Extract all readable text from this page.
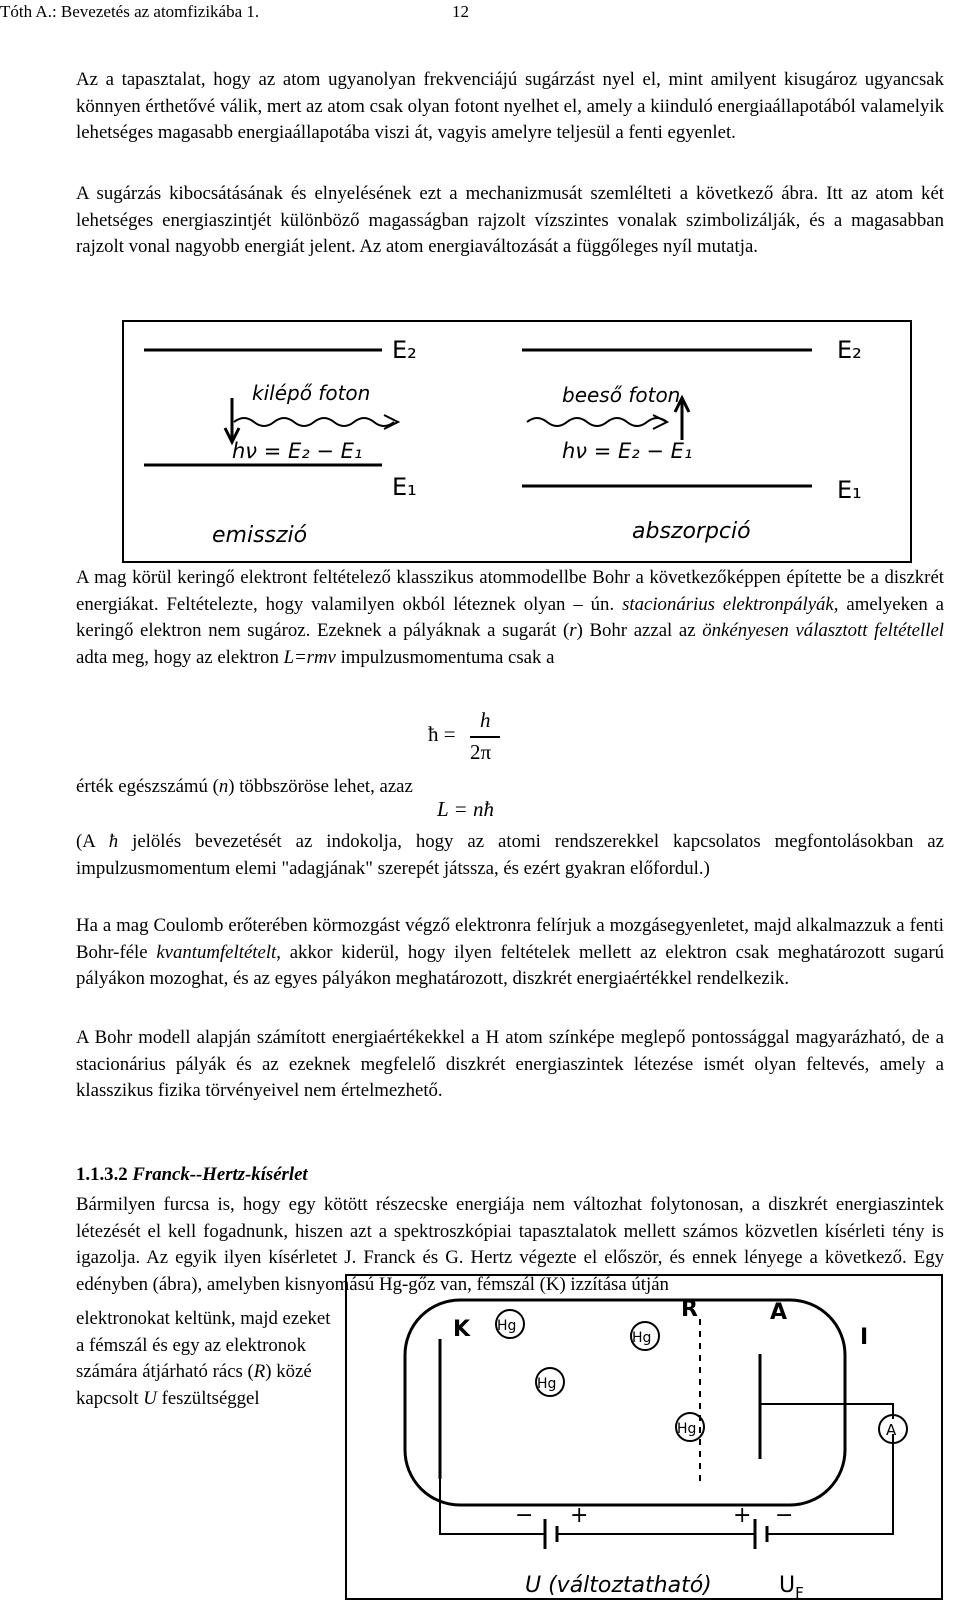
Tóth A.: Bevezetés az atomfizikába 1.	12

Az a tapasztalat, hogy az atom ugyanolyan frekvenciájú sugárzást nyel el, mint amilyent kisugároz ugyancsak könnyen érthetővé válik, mert az atom csak olyan fotont nyelhet el, amely a kiinduló energiaállapotából valamelyik lehetséges magasabb energiaállapotába viszi át, vagyis amelyre teljesül a fenti egyenlet.

A sugárzás kibocsátásának és elnyelésének ezt a mechanizmusát szemlélteti a következő ábra. Itt az atom két lehetséges energiaszintjét különböző magasságban rajzolt vízszintes vonalak szimbolizálják, és a magasabban rajzolt vonal nagyobb energiát jelent. Az atom energiaváltozását a függőleges nyíl mutatja.

E₂
kilépő foton
hν = E₂ − E₁
E₁
emisszió
E₂
beeső foton
hν = E₂ − E₁
E₁
abszorpció

A mag körül keringő elektront feltételező klasszikus atommodellbe Bohr a következőképpen építette be a diszkrét energiákat. Feltételezte, hogy valamilyen okból léteznek olyan – ún. stacionárius elektronpályák, amelyeken a keringő elektron nem sugároz. Ezeknek a pályáknak a sugarát (r) Bohr azzal az önkényesen választott feltétellel adta meg, hogy az elektron L=rmv impulzusmomentuma csak a

ħ =
h
2π

érték egészszámú (n) többszöröse lehet, azaz

L = nħ

(A ħ jelölés bevezetését az indokolja, hogy az atomi rendszerekkel kapcsolatos megfontolásokban az impulzusmomentum elemi "adagjának" szerepét játssza, és ezért gyakran előfordul.)

Ha a mag Coulomb erőterében körmozgást végző elektronra felírjuk a mozgásegyenletet, majd alkalmazzuk a fenti Bohr-féle kvantumfeltételt, akkor kiderül, hogy ilyen feltételek mellett az elektron csak meghatározott sugarú pályákon mozoghat, és az egyes pályákon meghatározott, diszkrét energiaértékkel rendelkezik.

A Bohr modell alapján számított energiaértékekkel a H atom színképe meglepő pontossággal magyarázható, de a stacionárius pályák és az ezeknek megfelelő diszkrét energiaszintek létezése ismét olyan feltevés, amely a klasszikus fizika törvényeivel nem értelmezhető.

1.1.3.2 Franck--Hertz-kísérlet

Bármilyen furcsa is, hogy egy kötött részecske energiája nem változhat folytonosan, a diszkrét energiaszintek létezését el kell fogadnunk, hiszen azt a spektroszkópiai tapasztalatok mellett számos közvetlen kísérleti tény is igazolja. Az egyik ilyen kísérletet J. Franck és G. Hertz végezte el először, és ennek lényege a következő. Egy edényben (ábra), amelyben kisnyomású Hg-gőz van, fémszál (K) izzítása útján

elektronokat keltünk, majd ezeket a fémszál és egy az elektronok számára átjárható rács (R) közé kapcsolt U feszültséggel

K
R	A
Hg
Hg
Hg
Hg
− +	+ −
A
I
U (változtatható)	$U_F$
